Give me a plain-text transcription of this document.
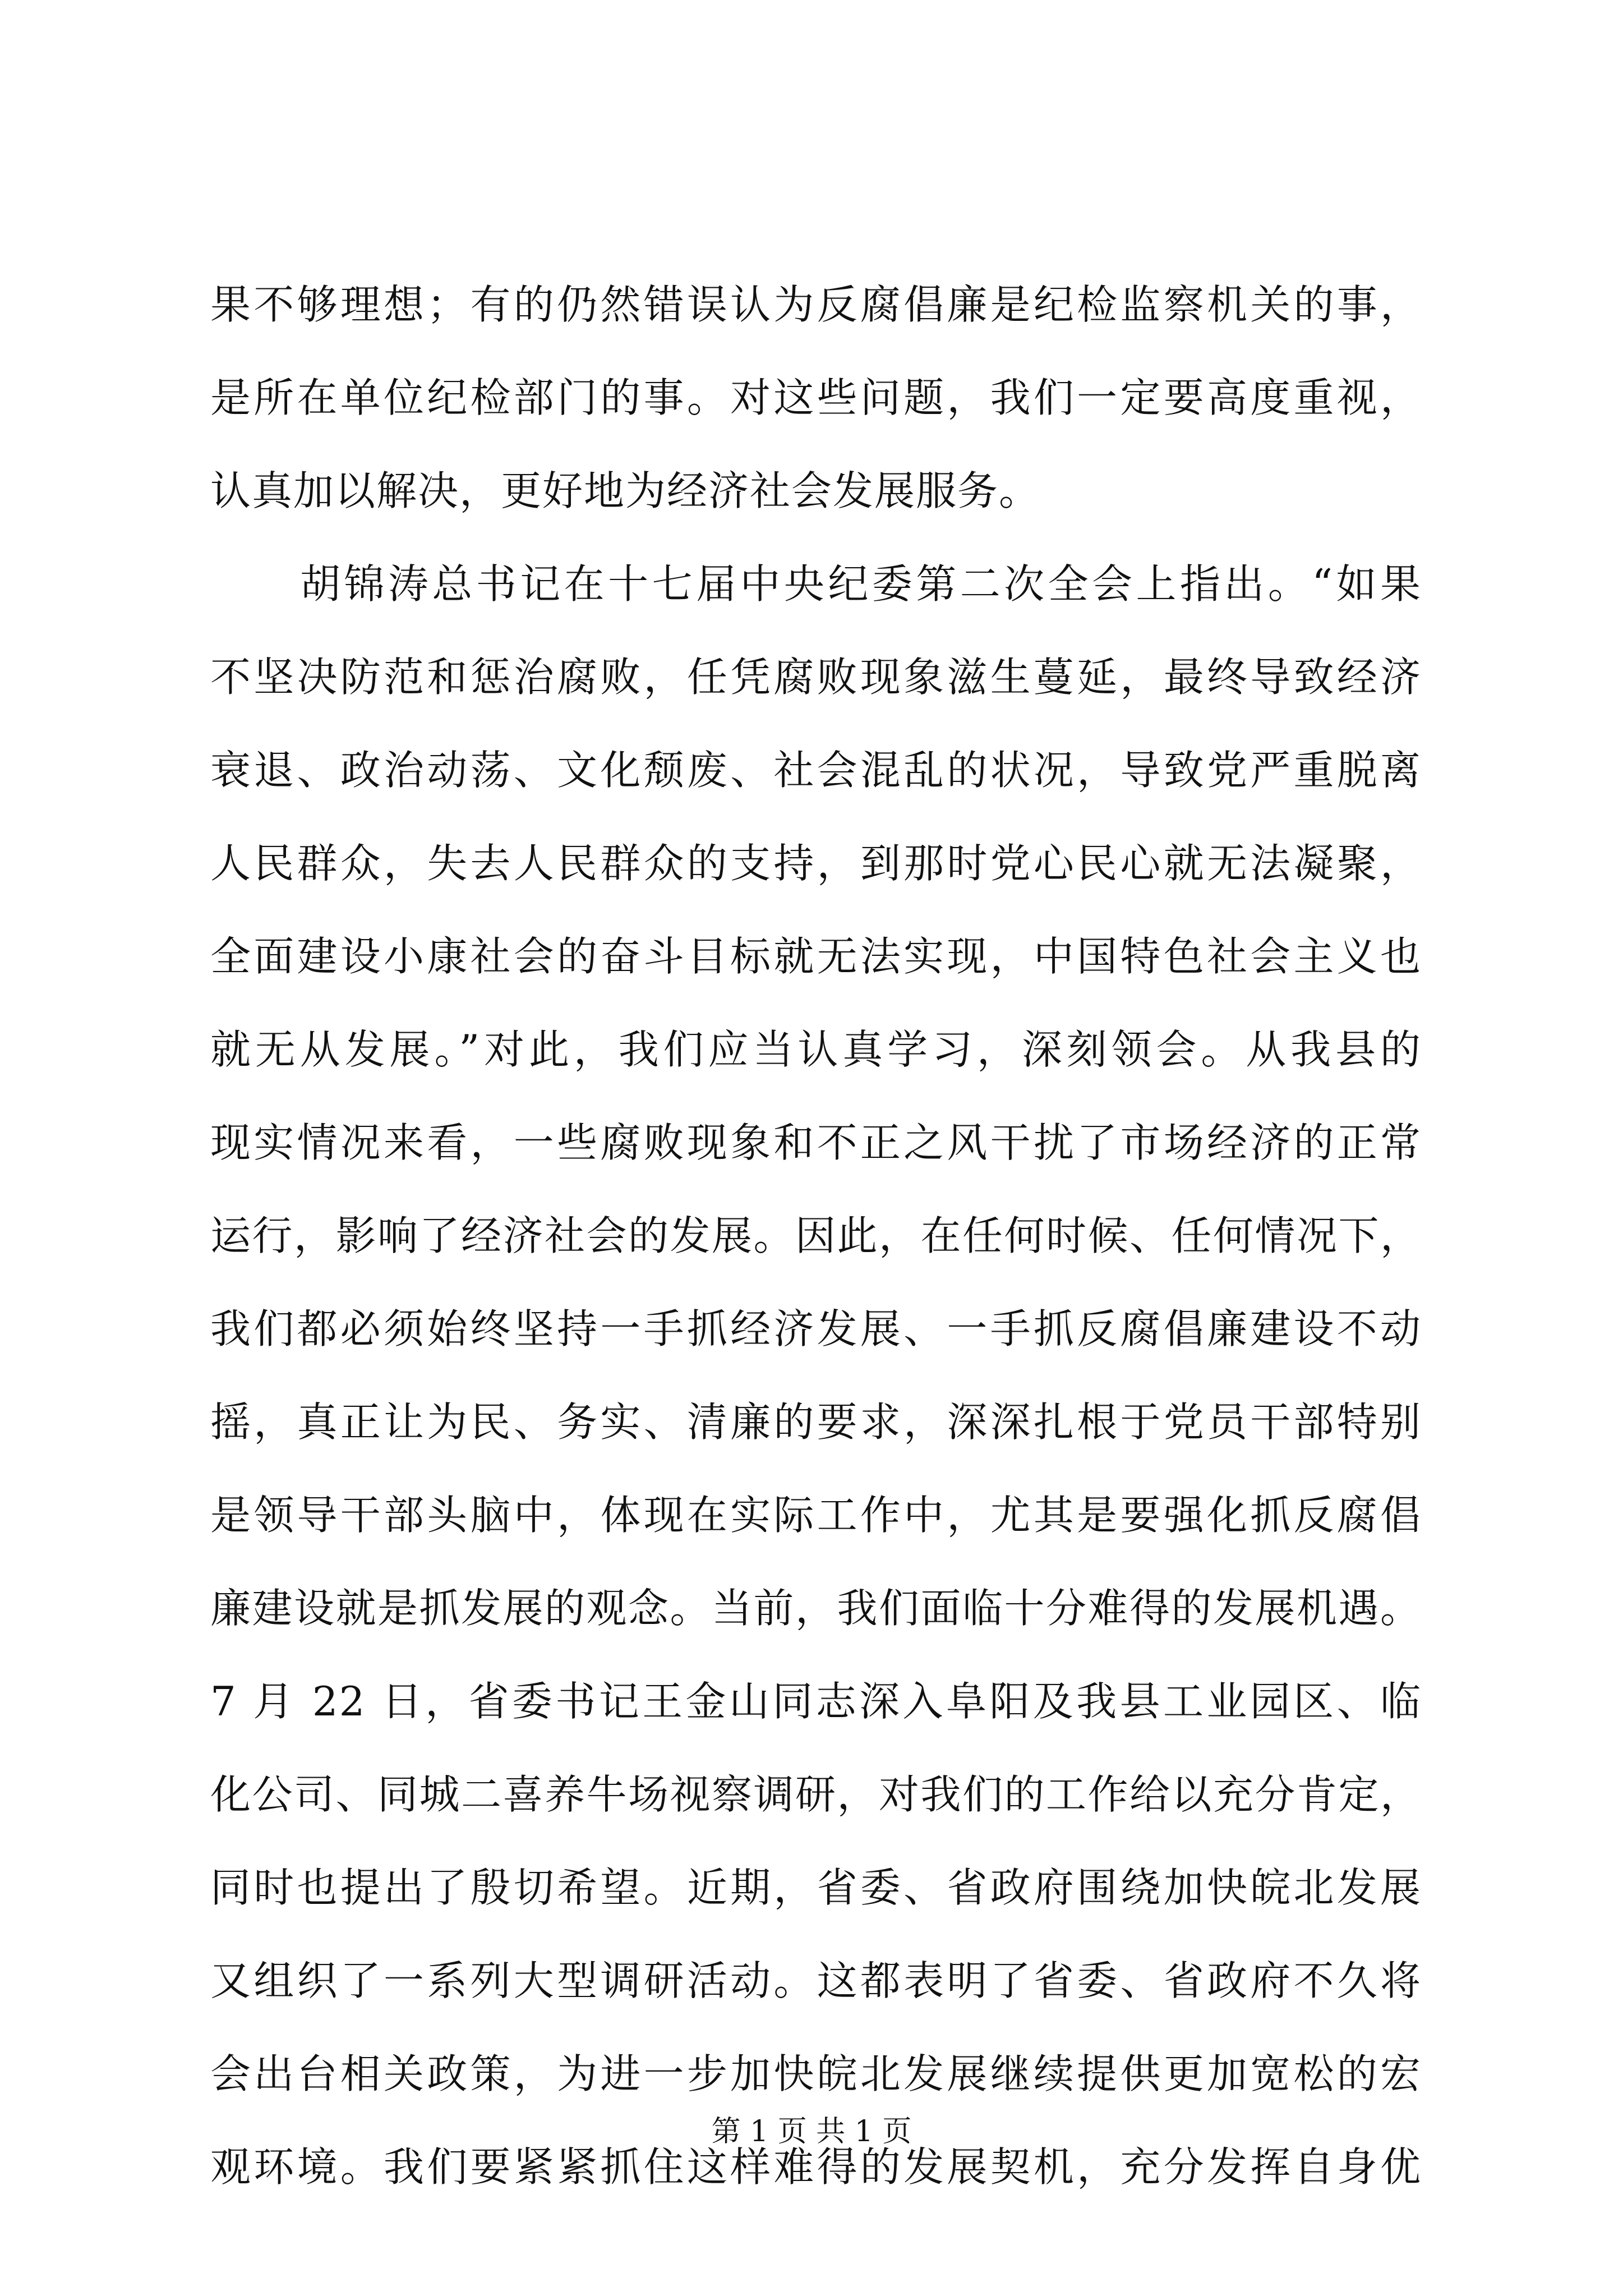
果不够理想；有的仍然错误认为反腐倡廉是纪检监察机关的事，
是所在单位纪检部门的事。对这些问题，我们一定要高度重视，
认真加以解决，更好地为经济社会发展服务。
胡锦涛总书记在十七届中央纪委第二次全会上指出。“如果
不坚决防范和惩治腐败，任凭腐败现象滋生蔓延，最终导致经济
衰退、政治动荡、文化颓废、社会混乱的状况，导致党严重脱离
人民群众，失去人民群众的支持，到那时党心民心就无法凝聚，
全面建设小康社会的奋斗目标就无法实现，中国特色社会主义也
就无从发展。”对此，我们应当认真学习，深刻领会。从我县的
现实情况来看，一些腐败现象和不正之风干扰了市场经济的正常
运行，影响了经济社会的发展。因此，在任何时候、任何情况下，
我们都必须始终坚持一手抓经济发展、一手抓反腐倡廉建设不动
摇，真正让为民、务实、清廉的要求，深深扎根于党员干部特别
是领导干部头脑中，体现在实际工作中，尤其是要强化抓反腐倡
廉建设就是抓发展的观念。当前，我们面临十分难得的发展机遇。
7 月 22 日，省委书记王金山同志深入阜阳及我县工业园区、临
化公司、同城二喜养牛场视察调研，对我们的工作给以充分肯定，
同时也提出了殷切希望。近期，省委、省政府围绕加快皖北发展
又组织了一系列大型调研活动。这都表明了省委、省政府不久将
会出台相关政策，为进一步加快皖北发展继续提供更加宽松的宏
观环境。我们要紧紧抓住这样难得的发展契机，充分发挥自身优
第 1 页 共 1 页
